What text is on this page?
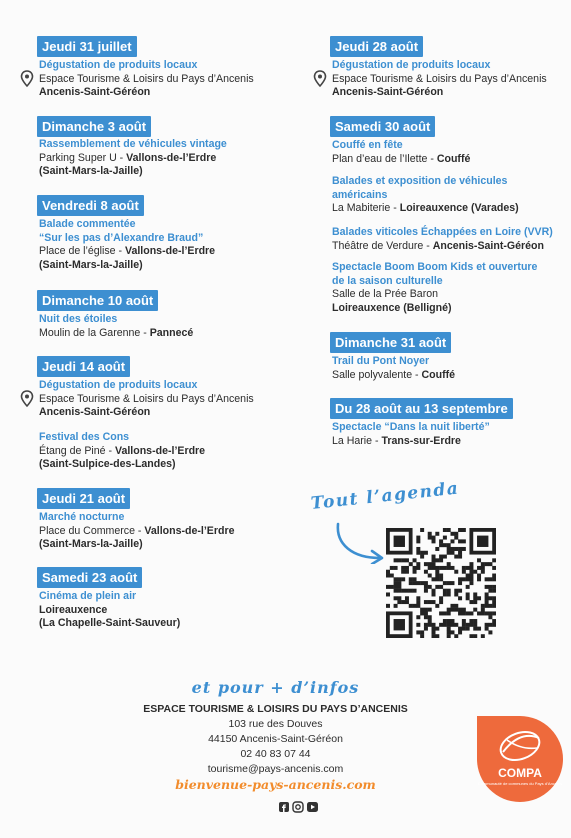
Jeudi 31 juillet
Dégustation de produits locaux
Espace Tourisme & Loisirs du Pays d’Ancenis
Ancenis-Saint-Géréon
Dimanche 3 août
Rassemblement de véhicules vintage
Parking Super U - Vallons-de-l’Erdre
(Saint-Mars-la-Jaille)
Vendredi 8 août
Balade commentée
“Sur les pas d’Alexandre Braud”
Place de l’église - Vallons-de-l’Erdre
(Saint-Mars-la-Jaille)
Dimanche 10 août
Nuit des étoiles
Moulin de la Garenne - Pannecé
Jeudi 14 août
Dégustation de produits locaux
Espace Tourisme & Loisirs du Pays d’Ancenis
Ancenis-Saint-Géréon
Festival des Cons
Étang de Piné - Vallons-de-l’Erdre
(Saint-Sulpice-des-Landes)
Jeudi 21 août
Marché nocturne
Place du Commerce - Vallons-de-l’Erdre
(Saint-Mars-la-Jaille)
Samedi 23 août
Cinéma de plein air
Loireauxence
(La Chapelle-Saint-Sauveur)
Jeudi 28 août
Dégustation de produits locaux
Espace Tourisme & Loisirs du Pays d’Ancenis
Ancenis-Saint-Géréon
Samedi 30 août
Couffé en fête
Plan d’eau de l’Ilette - Couffé
Balades et exposition de véhicules
américains
La Mabiterie - Loireauxence (Varades)
Balades viticoles Échappées en Loire (VVR)
Théâtre de Verdure - Ancenis-Saint-Géréon
Spectacle Boom Boom Kids et ouverture
de la saison culturelle
Salle de la Prée Baron
Loireauxence (Belligné)
Dimanche 31 août
Trail du Pont Noyer
Salle polyvalente - Couffé
Du 28 août au 13 septembre
Spectacle “Dans la nuit liberté”
La Harie - Trans-sur-Erdre
Tout l’agenda
et pour + d’infos
ESPACE TOURISME & LOISIRS DU PAYS D’ANCENIS
103 rue des Douves
44150 Ancenis-Saint-Géréon
02 40 83 07 44
tourisme@pays-ancenis.com
bienvenue-pays-ancenis.com
COMPA
Communauté de communes du Pays d’Ancenis
